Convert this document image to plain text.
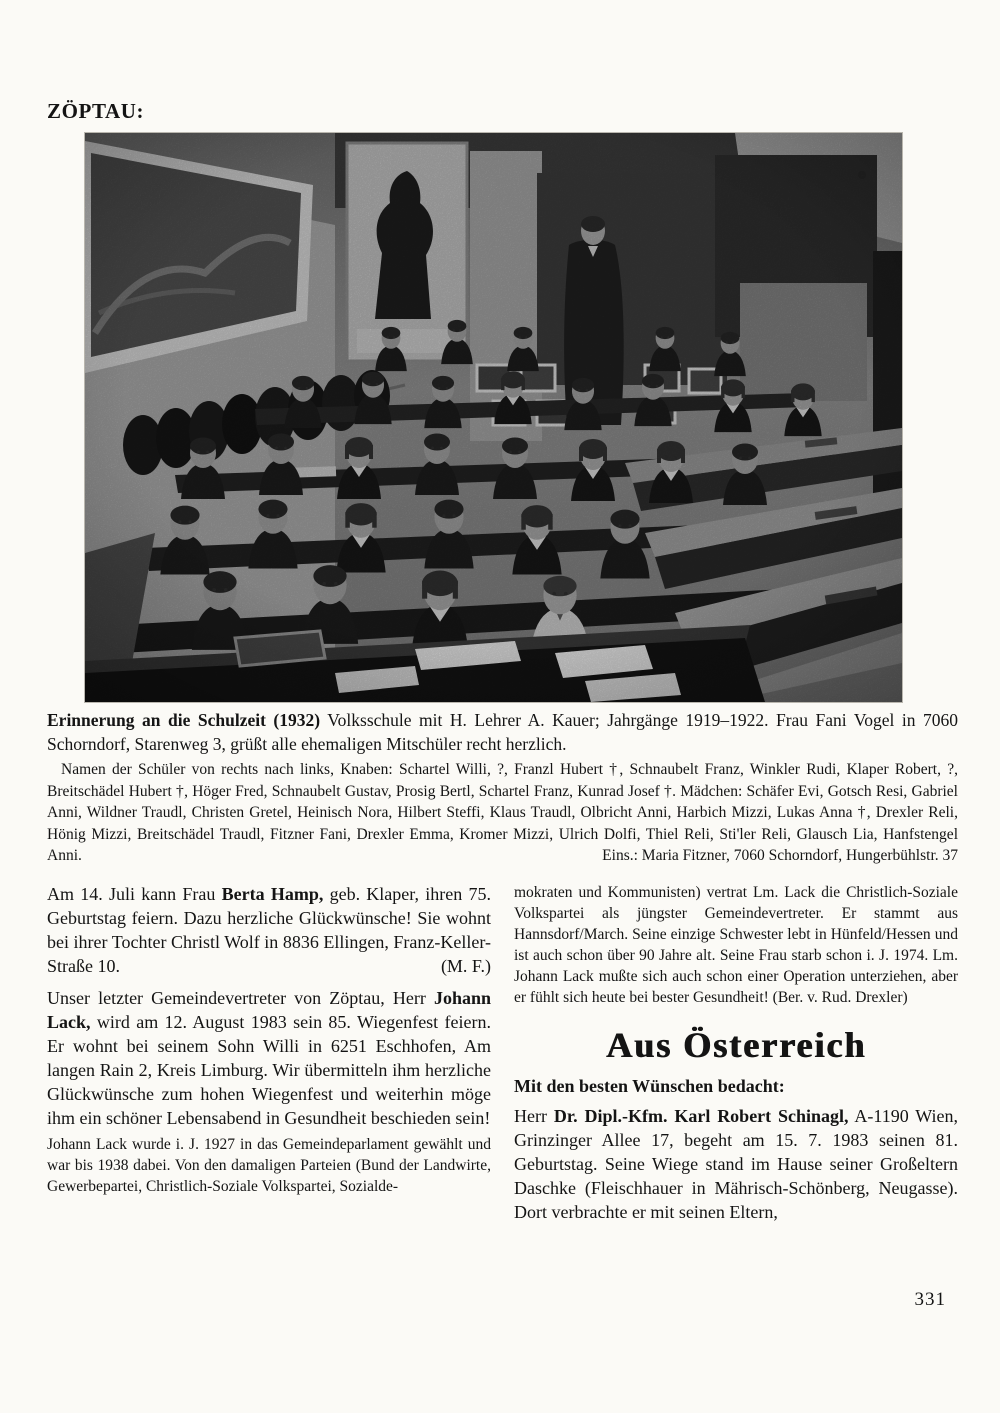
ZÖPTAU:

Erinnerung an die Schulzeit (1932) Volksschule mit H. Lehrer A. Kauer; Jahrgänge 1919–1922. Frau Fani Vogel in 7060 Schorndorf, Starenweg 3, grüßt alle ehemaligen Mitschüler recht herzlich.

Namen der Schüler von rechts nach links, Knaben: Schartel Willi, ?, Franzl Hubert †, Schnaubelt Franz, Winkler Rudi, Klaper Robert, ?, Breitschädel Hubert †, Höger Fred, Schnaubelt Gustav, Prosig Bertl, Schartel Franz, Kunrad Josef †. Mädchen: Schäfer Evi, Gotsch Resi, Gabriel Anni, Wildner Traudl, Christen Gretel, Heinisch Nora, Hilbert Steffi, Klaus Traudl, Olbricht Anni, Harbich Mizzi, Lukas Anna †, Drexler Reli, Hönig Mizzi, Breitschädel Traudl, Fitzner Fani, Drexler Emma, Kromer Mizzi, Ulrich Dolfi, Thiel Reli, Sti'ler Reli, Glausch Lia, Hanfstengel Anni.	Eins.: Maria Fitzner, 7060 Schorndorf, Hungerbühlstr. 37

Am 14. Juli kann Frau Berta Hamp, geb. Klaper, ihren 75. Geburtstag feiern. Dazu herzliche Glückwünsche! Sie wohnt bei ihrer Tochter Christl Wolf in 8836 Ellingen, Franz-Keller-Straße 10.	(M. F.)

Unser letzter Gemeindevertreter von Zöptau, Herr Johann Lack, wird am 12. August 1983 sein 85. Wiegenfest feiern. Er wohnt bei seinem Sohn Willi in 6251 Eschhofen, Am langen Rain 2, Kreis Limburg. Wir übermitteln ihm herzliche Glückwünsche zum hohen Wiegenfest und weiterhin möge ihm ein schöner Lebensabend in Gesundheit beschieden sein!

Johann Lack wurde i. J. 1927 in das Gemeindeparlament gewählt und war bis 1938 dabei. Von den damaligen Parteien (Bund der Landwirte, Gewerbepartei, Christlich-Soziale Volkspartei, Sozialde-

mokraten und Kommunisten) vertrat Lm. Lack die Christlich-Soziale Volkspartei als jüngster Gemeindevertreter. Er stammt aus Hannsdorf/March. Seine einzige Schwester lebt in Hünfeld/Hessen und ist auch schon über 90 Jahre alt. Seine Frau starb schon i. J. 1974. Lm. Johann Lack mußte sich auch schon einer Operation unterziehen, aber er fühlt sich heute bei bester Gesundheit! (Ber. v. Rud. Drexler)

Aus Österreich
Mit den besten Wünschen bedacht:

Herr Dr. Dipl.-Kfm. Karl Robert Schinagl, A-1190 Wien, Grinzinger Allee 17, begeht am 15. 7. 1983 seinen 81. Geburtstag. Seine Wiege stand im Hause seiner Großeltern Daschke (Fleischhauer in Mährisch-Schönberg, Neugasse). Dort verbrachte er mit seinen Eltern,

331
